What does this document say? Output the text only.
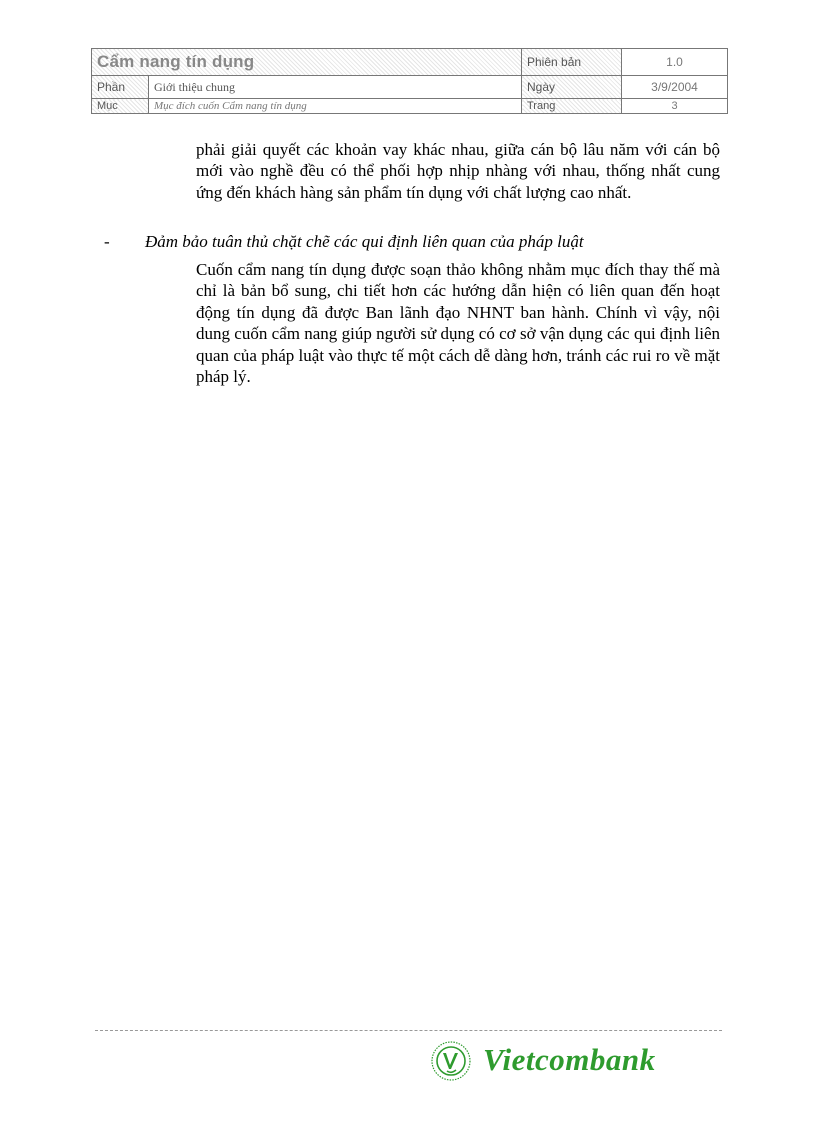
Cẩm nang tín dụng		Phiên bản	1.0
Phần	Giới thiệu chung	Ngày	3/9/2004
Mục	Mục đích cuốn Cẩm nang tín dụng	Trang	3

phải giải quyết các khoản vay khác nhau, giữa cán bộ lâu năm với cán bộ mới vào nghề đều có thể phối hợp nhịp nhàng với nhau, thống nhất cung ứng đến khách hàng sản phẩm tín dụng với chất lượng cao nhất.

- Đảm bảo tuân thủ chặt chẽ các qui định liên quan của pháp luật

Cuốn cẩm nang tín dụng được soạn thảo không nhằm mục đích thay thế mà chỉ là bản bổ sung, chi tiết hơn các hướng dẫn hiện có liên quan đến hoạt động tín dụng đã được Ban lãnh đạo NHNT ban hành. Chính vì vậy, nội dung cuốn cẩm nang giúp người sử dụng có cơ sở vận dụng các qui định liên quan của pháp luật vào thực tế một cách dễ dàng hơn, tránh các rui ro về mặt pháp lý.

Vietcombank
